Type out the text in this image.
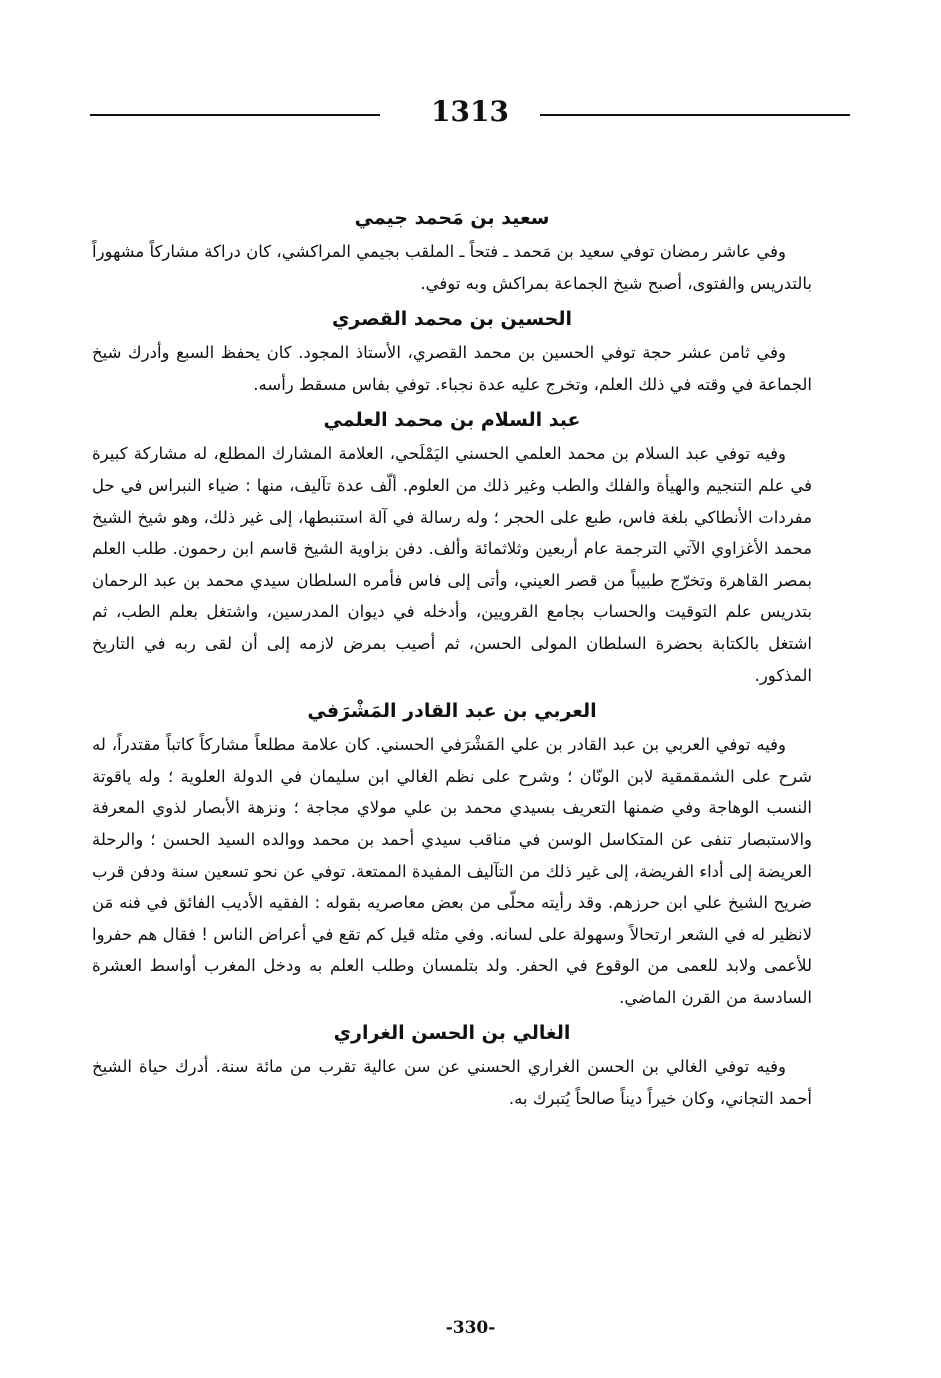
1313
سعيد بن مَحمد جيمي

وفي عاشر رمضان توفي سعيد بن مَحمد ـ فتحاً ـ الملقب بجيمي المراكشي، كان دراكة مشاركاً مشهوراً بالتدريس والفتوى، أصبح شيخ الجماعة بمراكش وبه توفي.

الحسين بن محمد القصري

وفي ثامن عشر حجة توفي الحسين بن محمد القصري، الأستاذ المجود. كان يحفظ السبع وأدرك شيخ الجماعة في وقته في ذلك العلم، وتخرج عليه عدة نجباء. توفي بفاس مسقط رأسه.

عبد السلام بن محمد العلمي

وفيه توفي عبد السلام بن محمد العلمي الحسني اليَمْلَحي، العلامة المشارك المطلع، له مشاركة كبيرة في علم التنجيم والهيأة والفلك والطب وغير ذلك من العلوم. ألّف عدة تآليف، منها : ضياء النبراس في حل مفردات الأنطاكي بلغة فاس، طبع على الحجر ؛ وله رسالة في آلة استنبطها، إلى غير ذلك، وهو شيخ الشيخ محمد الأغزاوي الآتي الترجمة عام أربعين وثلاثمائة وألف. دفن بزاوية الشيخ قاسم ابن رحمون. طلب العلم بمصر القاهرة وتخرّج طبيباً من قصر العيني، وأتى إلى فاس فأمره السلطان سيدي محمد بن عبد الرحمان بتدريس علم التوقيت والحساب بجامع القرويين، وأدخله في ديوان المدرسين، واشتغل بعلم الطب، ثم اشتغل بالكتابة بحضرة السلطان المولى الحسن، ثم أصيب بمرض لازمه إلى أن لقى ربه في التاريخ المذكور.

العربي بن عبد القادر المَشْرَفي

وفيه توفي العربي بن عبد القادر بن علي المَشْرَفي الحسني. كان علامة مطلعاً مشاركاً كاتباً مقتدراً، له شرح على الشمقمقية لابن الونّان ؛ وشرح على نظم الغالي ابن سليمان في الدولة العلوية ؛ وله ياقوتة النسب الوهاجة وفي ضمنها التعريف بسيدي محمد بن علي مولاي مجاجة ؛ ونزهة الأبصار لذوي المعرفة والاستبصار تنفى عن المتكاسل الوسن في مناقب سيدي أحمد بن محمد ووالده السيد الحسن ؛ والرحلة العريضة إلى أداء الفريضة، إلى غير ذلك من التآليف المفيدة الممتعة. توفي عن نحو تسعين سنة ودفن قرب ضريح الشيخ علي ابن حرزهم. وقد رأيته محلّى من بعض معاصريه بقوله : الفقيه الأديب الفائق في فنه مَن لانظير له في الشعر ارتحالاً وسهولة على لسانه. وفي مثله قيل كم تقع في أعراض الناس ! فقال هم حفروا للأعمى ولابد للعمى من الوقوع في الحفر. ولد بتلمسان وطلب العلم به ودخل المغرب أواسط العشرة السادسة من القرن الماضي.

الغالي بن الحسن الغراري

وفيه توفي الغالي بن الحسن الغراري الحسني عن سن عالية تقرب من مائة سنة. أدرك حياة الشيخ أحمد التجاني، وكان خيراً ديناً صالحاً يُتبرك به.

-330-
